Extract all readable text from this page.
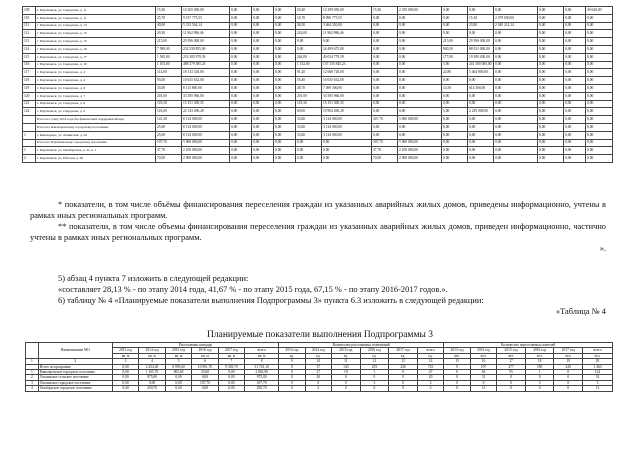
109	г. Партизанск, ул. Свердлова, д. 11	15,30	14 365 000,00	0,00	0,00	0,00	20,40	12 299 050,00	15,30	2 355 000,00	0,00	0,00	0,00	0,00	0,00	30 640,00
110	г. Партизанск, ул. Свердлова, д. 11	25,70	9 157 775,55	0,00	0,00	0,00	16,70	8 096 775,55	0,00	0,00	0,00	15,10	2 479 000,00	0,00	0,00	0,00
111	г. Партизанск, ул. Свердлова, д. 13	40,00	5 313 564,14	0,00	0,00	0,00	36,50	3 464 350,00	0,00	0,00	0,00	23,80	2 049 214,14	0,00	0,00	0,00
112	г. Партизанск, ул. Свердлова, д. 15	20,30	11 962 986,46	0,00	0,00	0,00	224,00	11 962 986,46	0,00	0,00	0,00	0,00	0,00	0,00	0,00	0,00
113	г. Партизанск, ул. Свердлова, д. 15	215,00	29 396 000,00	0,00	0,00	0,00	0,00	0,00	0,00	0,00	215,00	29 396 000,00	0,00	0,00	0,00	0,00
114	г. Партизанск, ул. Свердлова, д. 16	7 589,00	232 539 855,00	0,00	0,00	0,00	0,00	24 499 675,00	0,00	0,00	940,50	88 031 000,00	0,00	0,00	0,00	0,00
115	г. Партизанск, ул. Свердлова, д. 17	1 565,00	233 385 979,39	0,00	0,00	0,00	264,00	40 034 779,39	0,00	0,00	177,00	19 389 200,00	0,00	0,00	0,00	0,00
116	г. Партизанск, ул. Свердлова, д. 19	1 103,00	488 379 385,23	0,00	0,00	0,00	1 152,00	137 335 845,23	0,00	0,00	5,00	241 300 000,00	0,00	0,00	0,00	0,00
117	г. Партизанск, ул. Свердлова, д. 2	114,00	18 133 520,00	0,00	0,00	0,00	91,20	12 668 720,00	0,00	0,00	22,80	5 464 800,00	0,00	0,00	0,00	0,00
118	г. Партизанск, ул. Свердлова, д. 4	93,00	10 635 632,00	0,00	0,00	0,00	55,40	10 635 632,00	0,00	0,00	0,00	0,00	0,00	0,00	0,00	0,00
119	г. Партизанск, ул. Свердлова, д. 6	33,00	8 113 800,00	0,00	0,00	0,00	48,70	7 499 300,00	0,00	0,00	14,50	614 500,00	0,00	0,00	0,00	0,00
120	г. Партизанск, ул. Свердлова, д. 7	201,00	33 585 966,00	0,00	0,00	0,00	201,00	33 585 966,00	0,00	0,00	0,00	0,00	0,00	0,00	0,00	0,00
121	г. Партизанск, ул. Свердлова, д. 8	118,30	15 151 300,35	0,00	0,00	0,00	118,30	15 151 300,35	0,00	0,00	0,00	0,00	0,00	0,00	0,00	0,00
122	г. Партизанск, ул. Свердлова, д. 9	116,00	22 143 496,20	0,00	0,00	0,00	69,00	19 904 496,20	0,00	0,00	5,00	2 239 000,00	0,00	0,00	0,00	0,00
	Итого по этапу 2014 года без финансовой поддержки Фонда	141,30	8 134 000,00	0,00	0,00	0,00	33,60	3 134 000,00	307,70	5 000 000,00	0,00	0,00	0,00	0,00	0,00	0,00
	Итого по Кавалеровскому городскому поселению	25,60	8 134 000,00	0,00	0,00	0,00	33,60	3 134 000,00	0,00	0,00	0,00	0,00	0,00	0,00	0,00	0,00
1	г. Кавалерово, ул. Ленинская, д. 26	25,60	8 134 000,00	0,00	0,00	0,00	33,60	3 134 000,00	0,00	0,00	0,00	0,00	0,00	0,00	0,00	0,00
	Итого по Партизанскому городскому поселению	107,70	5 000 000,00	0,00	0,00	0,00	0,00	0,00	307,70	5 000 000,00	0,00	0,00	0,00	0,00	0,00	0,00
1	г. Партизанск, ул. Октябрьская, д. 32, к. 1	37,70	2 100 000,00	0,00	0,00	0,00	0,00	0,00	37,70	2 100 000,00	0,00	0,00	0,00	0,00	0,00	0,00
2	г. Партизанск, ул. Рабочая, д. 28	70,00	2 900 000,00	0,00	0,00	0,00	0,00	0,00	70,00	2 900 000,00	0,00	0,00	0,00	0,00	0,00	0,00

* показатели, в том числе объёмы финансирования переселения граждан из указанных аварийных жилых домов, приведены информационно, учтены в рамках иных региональных программ.

** показатели, в том числе объемы финансирования переселения граждан из указанных аварийных жилых домов, приведен информационно, частично учтены в рамках иных региональных программ.

».

5) абзац 4 пункта 7 изложить в следующей редакции:

«составляет 28,13 % - по этапу 2014 года, 41,67 % - по этапу 2015 года, 67,15 % - по этапу 2016-2017 годов.».

6) таблицу № 4 «Планируемые показатели выполнения Подпрограммы 3» пункта 6.3 изложить в следующей редакции:

«Таблица № 4

Планируемые показатели выполнения Подпрограммы 3
	Наименование МО	Расселяемая площадь						Количество расселяемых помещений						Количество переселяемых жителей					
		2015 год	2014 год	2015 год	2016 год	2017 год	всего	2013 год	2014 год	2015 год	2016 год	2017 год	всего	2013 год	2014 год	2015 год	2016 год	2017 год	всего
		кв. м	кв. м	кв. м	кв. м	кв. м	кв. м	ед.	ед.	ед.	ед.	ед.	ед.	чел.	чел.	чел.	чел.	чел.	чел.
1	2	3	4	5	6	7	8	9	10	11	12	13	14	15	16	17	18	19	20
	Итого по программе	0,00	2 454,40	8 995,60	10 901,70	9 339,70	31 741,10	0	37	143	255	226	725	0	107	477	550	420	1 463
1	Кавалеровское городское поселение	0,00	1 165,70	965,60	33,60	0,00	2 863,90	0	27	19	1	0	47	0	63	55	1	0	124
2	Ольгинское сельское поселение	0,00	975,00	0,00	0,00	0,00	975,00	0	20	0	0	0	20	0	31	0	0	0	31
3	Ольгинское городское поселение	0,00	0,00	0,00	107,70	0,00	107,70	0	0	0	3	0	3	0	0	0	3	0	3
4	Октябрьское городское поселение	0,00	250,70	0,00	0,00	0,00	250,70	0	5	0	0	0	5	0	13	0	0	0	13
